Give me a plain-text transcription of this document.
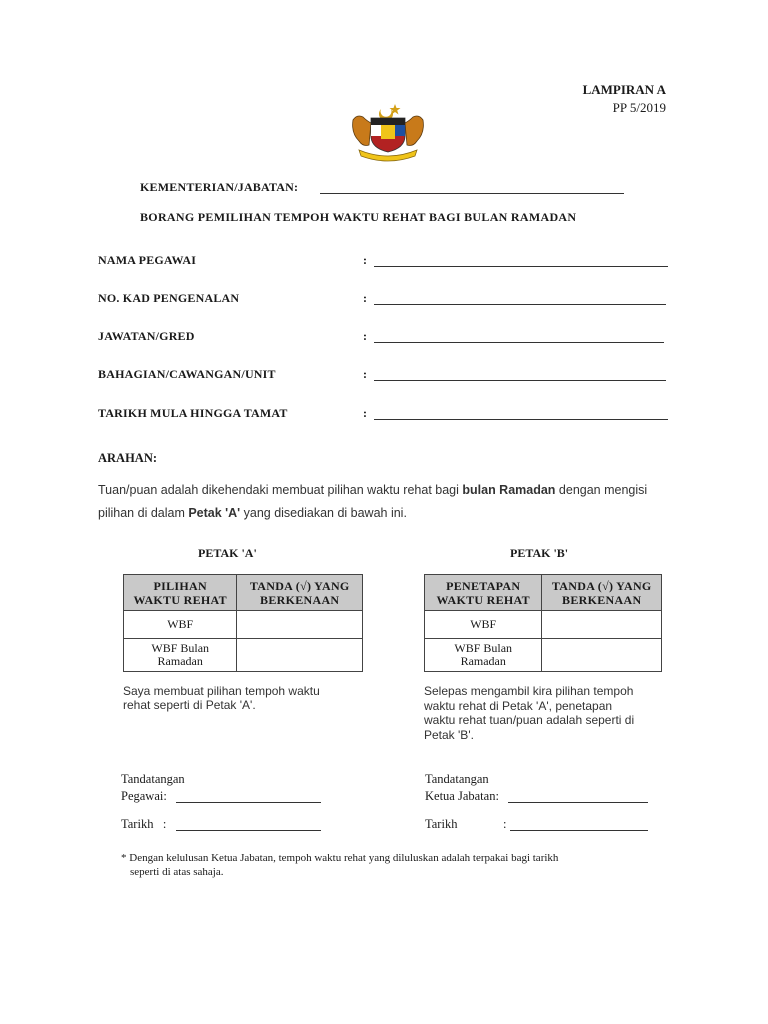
LAMPIRAN A
PP 5/2019
KEMENTERIAN/JABATAN:
BORANG PEMILIHAN TEMPOH WAKTU REHAT BAGI BULAN RAMADAN
NAMA PEGAWAI	:
NO. KAD PENGENALAN	:
JAWATAN/GRED	:
BAHAGIAN/CAWANGAN/UNIT	:
TARIKH MULA HINGGA TAMAT	:
ARAHAN:
Tuan/puan adalah dikehendaki membuat pilihan waktu rehat bagi bulan Ramadan dengan mengisi
pilihan di dalam Petak 'A' yang disediakan di bawah ini.
PETAK 'A'
PILIHAN
WAKTU REHAT	TANDA (√) YANG
BERKENAAN
WBF	
WBF Bulan
Ramadan	
Saya membuat pilihan tempoh waktu
rehat seperti di Petak 'A'.
PETAK 'B'
PENETAPAN
WAKTU REHAT	TANDA (√) YANG
BERKENAAN
WBF	
WBF Bulan
Ramadan	
Selepas mengambil kira pilihan tempoh
waktu rehat di Petak 'A', penetapan
waktu rehat tuan/puan adalah seperti di
Petak 'B'.
Tandatangan
Pegawai:
Tarikh   :
Tandatangan
Ketua Jabatan:
Tarikh	:
* Dengan kelulusan Ketua Jabatan, tempoh waktu rehat yang diluluskan adalah terpakai bagi tarikh
seperti di atas sahaja.
